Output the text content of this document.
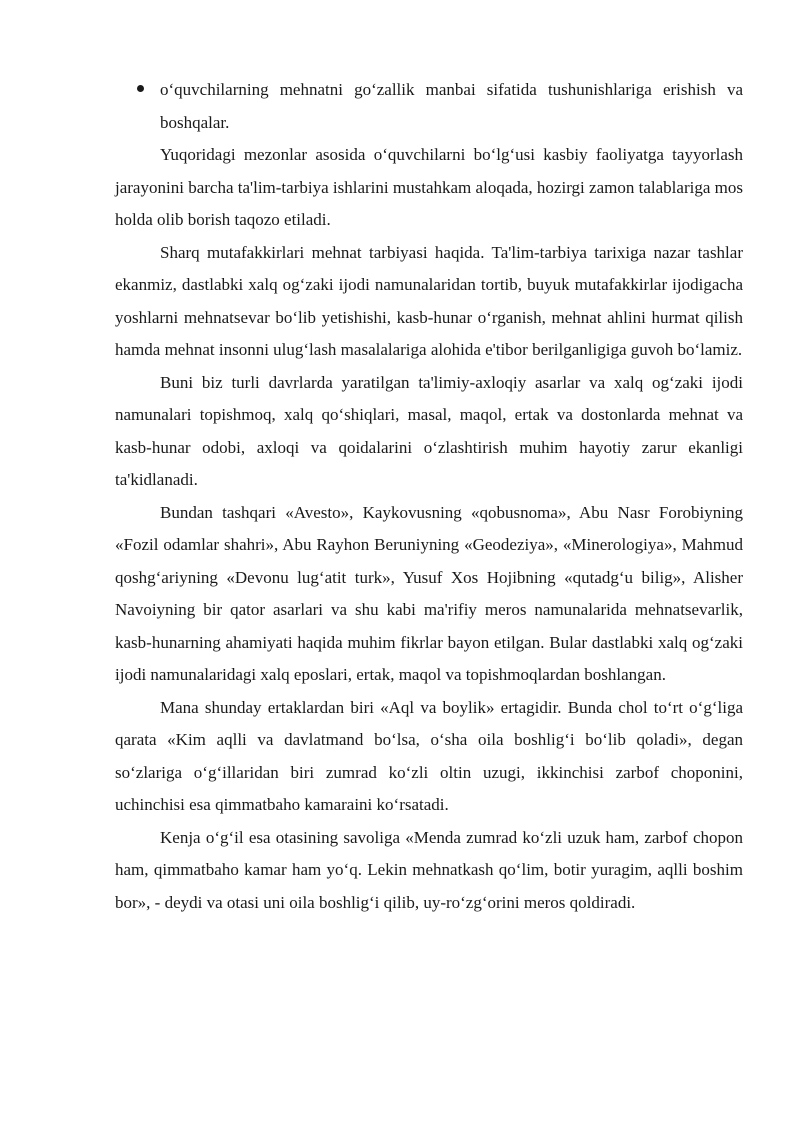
o‘quvchilarning mehnatni go‘zallik manbai sifatida tushunishlariga erishish va boshqalar.

Yuqoridagi mezonlar asosida o‘quvchilarni bo‘lg‘usi kasbiy faoliyatga tayyorlash jarayonini barcha ta'lim-tarbiya ishlarini mustahkam aloqada, hozirgi zamon talablariga mos holda olib borish taqozo etiladi.

Sharq mutafakkirlari mehnat tarbiyasi haqida. Ta'lim-tarbiya tarixiga nazar tashlar ekanmiz, dastlabki xalq og‘zaki ijodi namunalaridan tortib, buyuk mutafakkirlar ijodigacha yoshlarni mehnatsevar bo‘lib yetishishi, kasb-hunar o‘rganish, mehnat ahlini hurmat qilish hamda mehnat insonni ulug‘lash masalalariga alohida e'tibor berilganligiga guvoh bo‘lamiz.

Buni biz turli davrlarda yaratilgan ta'limiy-axloqiy asarlar va xalq og‘zaki ijodi namunalari topishmoq, xalq qo‘shiqlari, masal, maqol, ertak va dostonlarda mehnat va kasb-hunar odobi, axloqi va qoidalarini o‘zlashtirish muhim hayotiy zarur ekanligi ta'kidlanadi.

Bundan tashqari «Avesto», Kaykovusning «qobusnoma», Abu Nasr Forobiyning «Fozil odamlar shahri», Abu Rayhon Beruniyning «Geodeziya», «Minerologiya», Mahmud qoshg‘ariyning «Devonu lug‘atit turk», Yusuf Xos Hojibning «qutadg‘u bilig», Alisher Navoiyning bir qator asarlari va shu kabi ma'rifiy meros namunalarida mehnatsevarlik, kasb-hunarning ahamiyati haqida muhim fikrlar bayon etilgan. Bular dastlabki xalq og‘zaki ijodi namunalaridagi xalq eposlari, ertak, maqol va topishmoqlardan boshlangan.

Mana shunday ertaklardan biri «Aql va boylik» ertagidir. Bunda chol to‘rt o‘g‘liga qarata «Kim aqlli va davlatmand bo‘lsa, o‘sha oila boshlig‘i bo‘lib qoladi», degan so‘zlariga o‘g‘illaridan biri zumrad ko‘zli oltin uzugi, ikkinchisi zarbof choponini, uchinchisi esa qimmatbaho kamaraini ko‘rsatadi.

Kenja o‘g‘il esa otasining savoliga «Menda zumrad ko‘zli uzuk ham, zarbof chopon ham, qimmatbaho kamar ham yo‘q. Lekin mehnatkash qo‘lim, botir yuragim, aqlli boshim bor», - deydi va otasi uni oila boshlig‘i qilib, uy-ro‘zg‘orini meros qoldiradi.
